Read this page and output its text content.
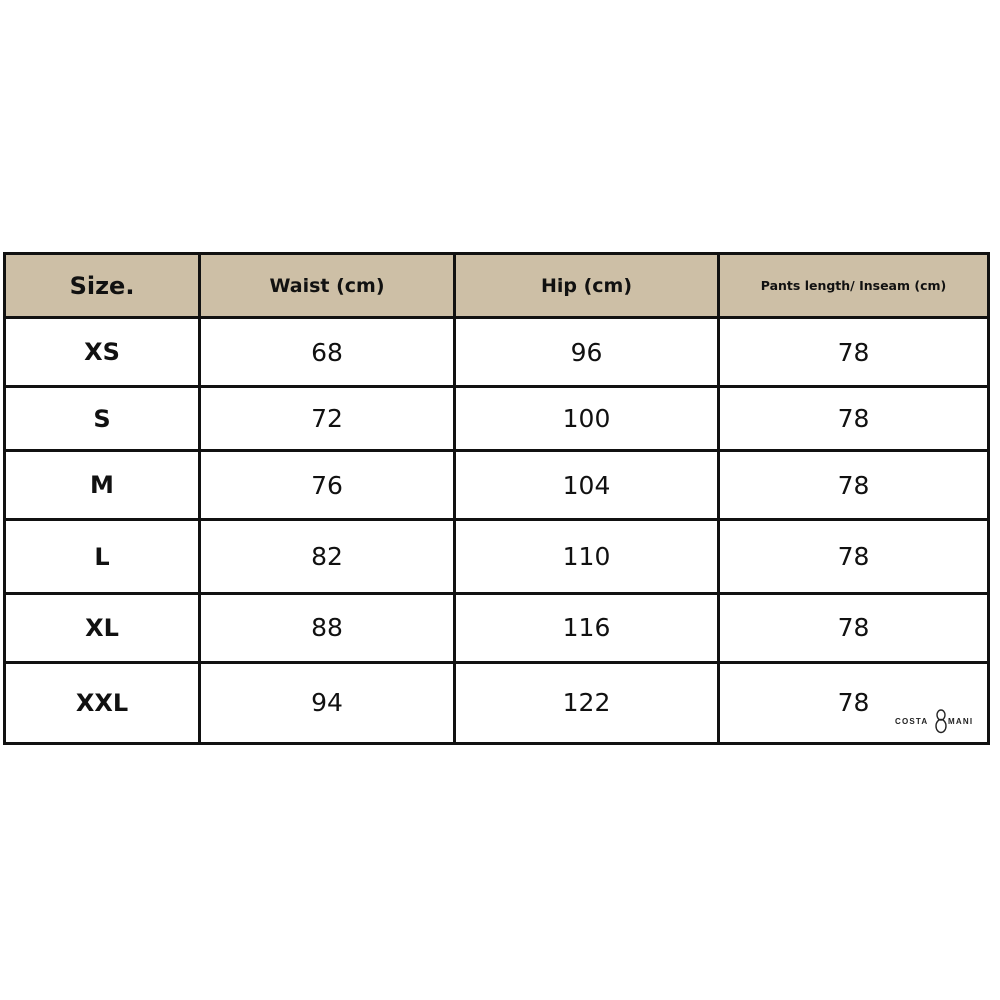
Size.	Waist (cm)	Hip (cm)	Pants length/ Inseam (cm)
XS	68	96	78
S	72	100	78
M	76	104	78
L	82	110	78
XL	88	116	78
XXL	94	122	78
COSTA MANI
